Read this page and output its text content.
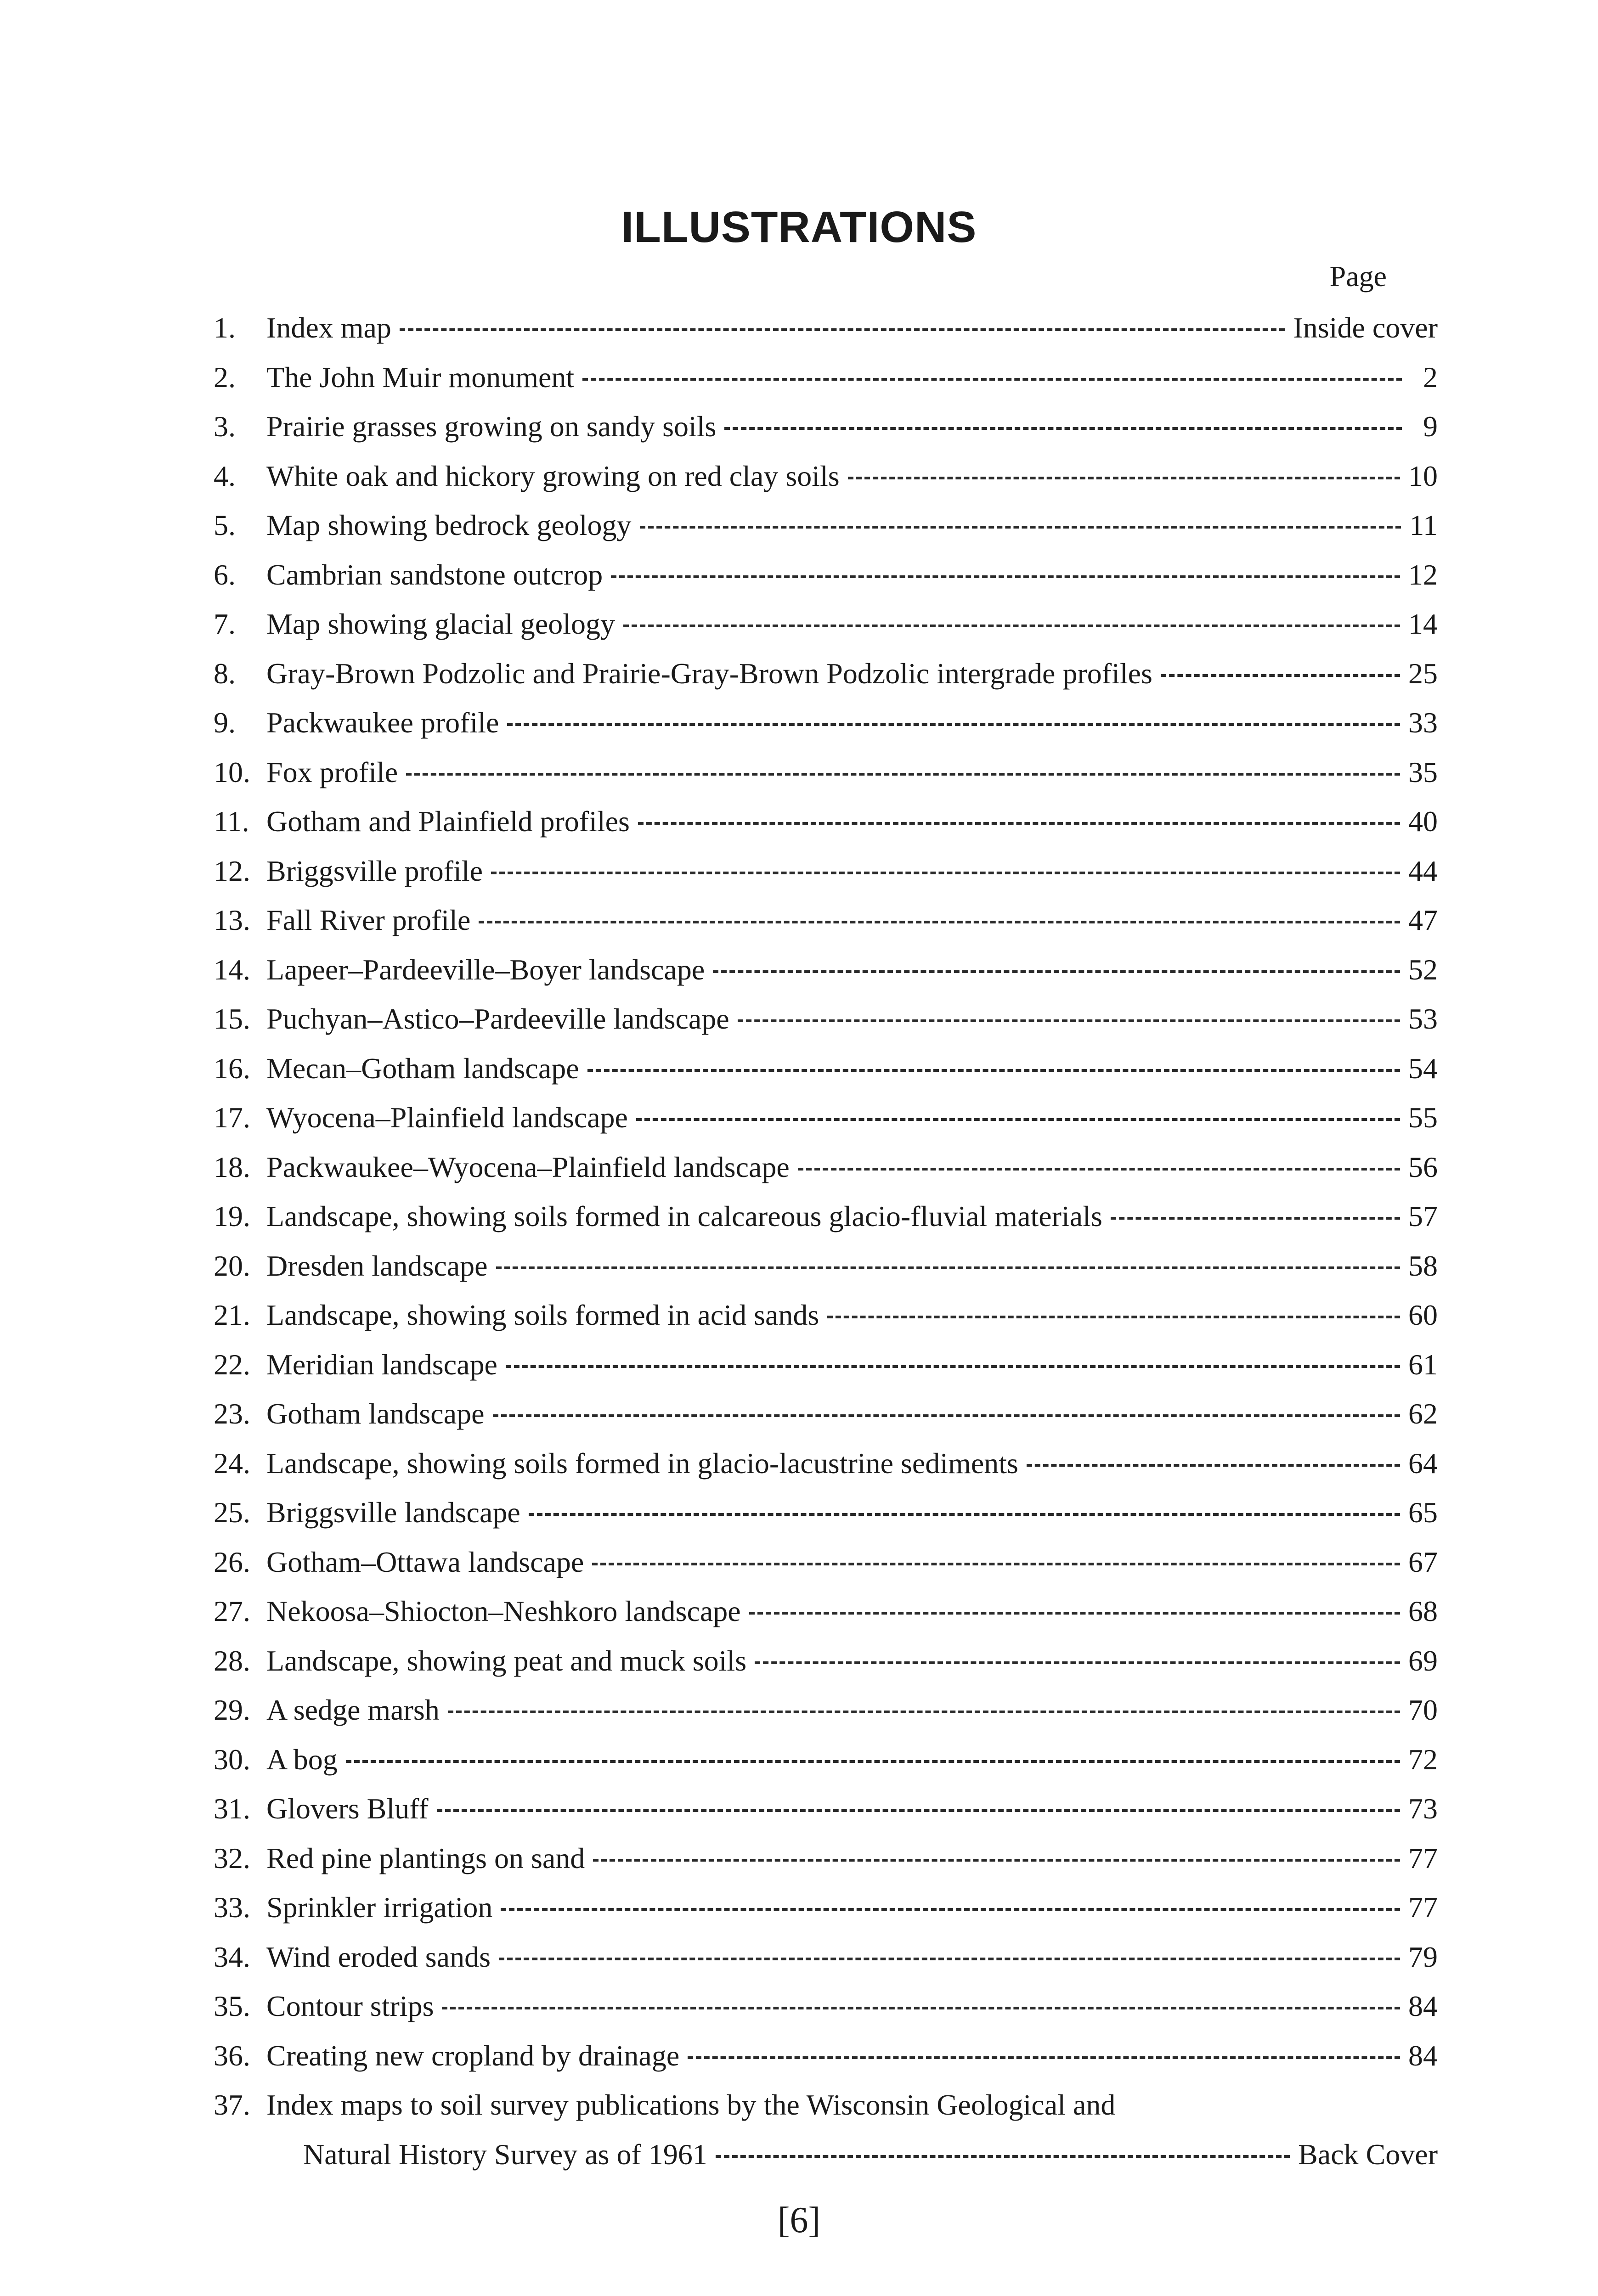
ILLUSTRATIONS
Page
1.	Index map	Inside cover
2.	The John Muir monument	2
3.	Prairie grasses growing on sandy soils	9
4.	White oak and hickory growing on red clay soils	10
5.	Map showing bedrock geology	11
6.	Cambrian sandstone outcrop	12
7.	Map showing glacial geology	14
8.	Gray-Brown Podzolic and Prairie-Gray-Brown Podzolic intergrade profiles	25
9.	Packwaukee profile	33
10. Fox profile	35
11. Gotham and Plainfield profiles	40
12. Briggsville profile	44
13. Fall River profile	47
14. Lapeer–Pardeeville–Boyer landscape	52
15. Puchyan–Astico–Pardeeville landscape	53
16. Mecan–Gotham landscape	54
17. Wyocena–Plainfield landscape	55
18. Packwaukee–Wyocena–Plainfield landscape	56
19. Landscape, showing soils formed in calcareous glacio-fluvial materials	57
20. Dresden landscape	58
21. Landscape, showing soils formed in acid sands	60
22. Meridian landscape	61
23. Gotham landscape	62
24. Landscape, showing soils formed in glacio-lacustrine sediments	64
25. Briggsville landscape	65
26. Gotham–Ottawa landscape	67
27. Nekoosa–Shiocton–Neshkoro landscape	68
28. Landscape, showing peat and muck soils	69
29. A sedge marsh	70
30. A bog	72
31. Glovers Bluff	73
32. Red pine plantings on sand	77
33. Sprinkler irrigation	77
34. Wind eroded sands	79
35. Contour strips	84
36. Creating new cropland by drainage	84
37. Index maps to soil survey publications by the Wisconsin Geological and
Natural History Survey as of 1961	Back Cover
[6]
